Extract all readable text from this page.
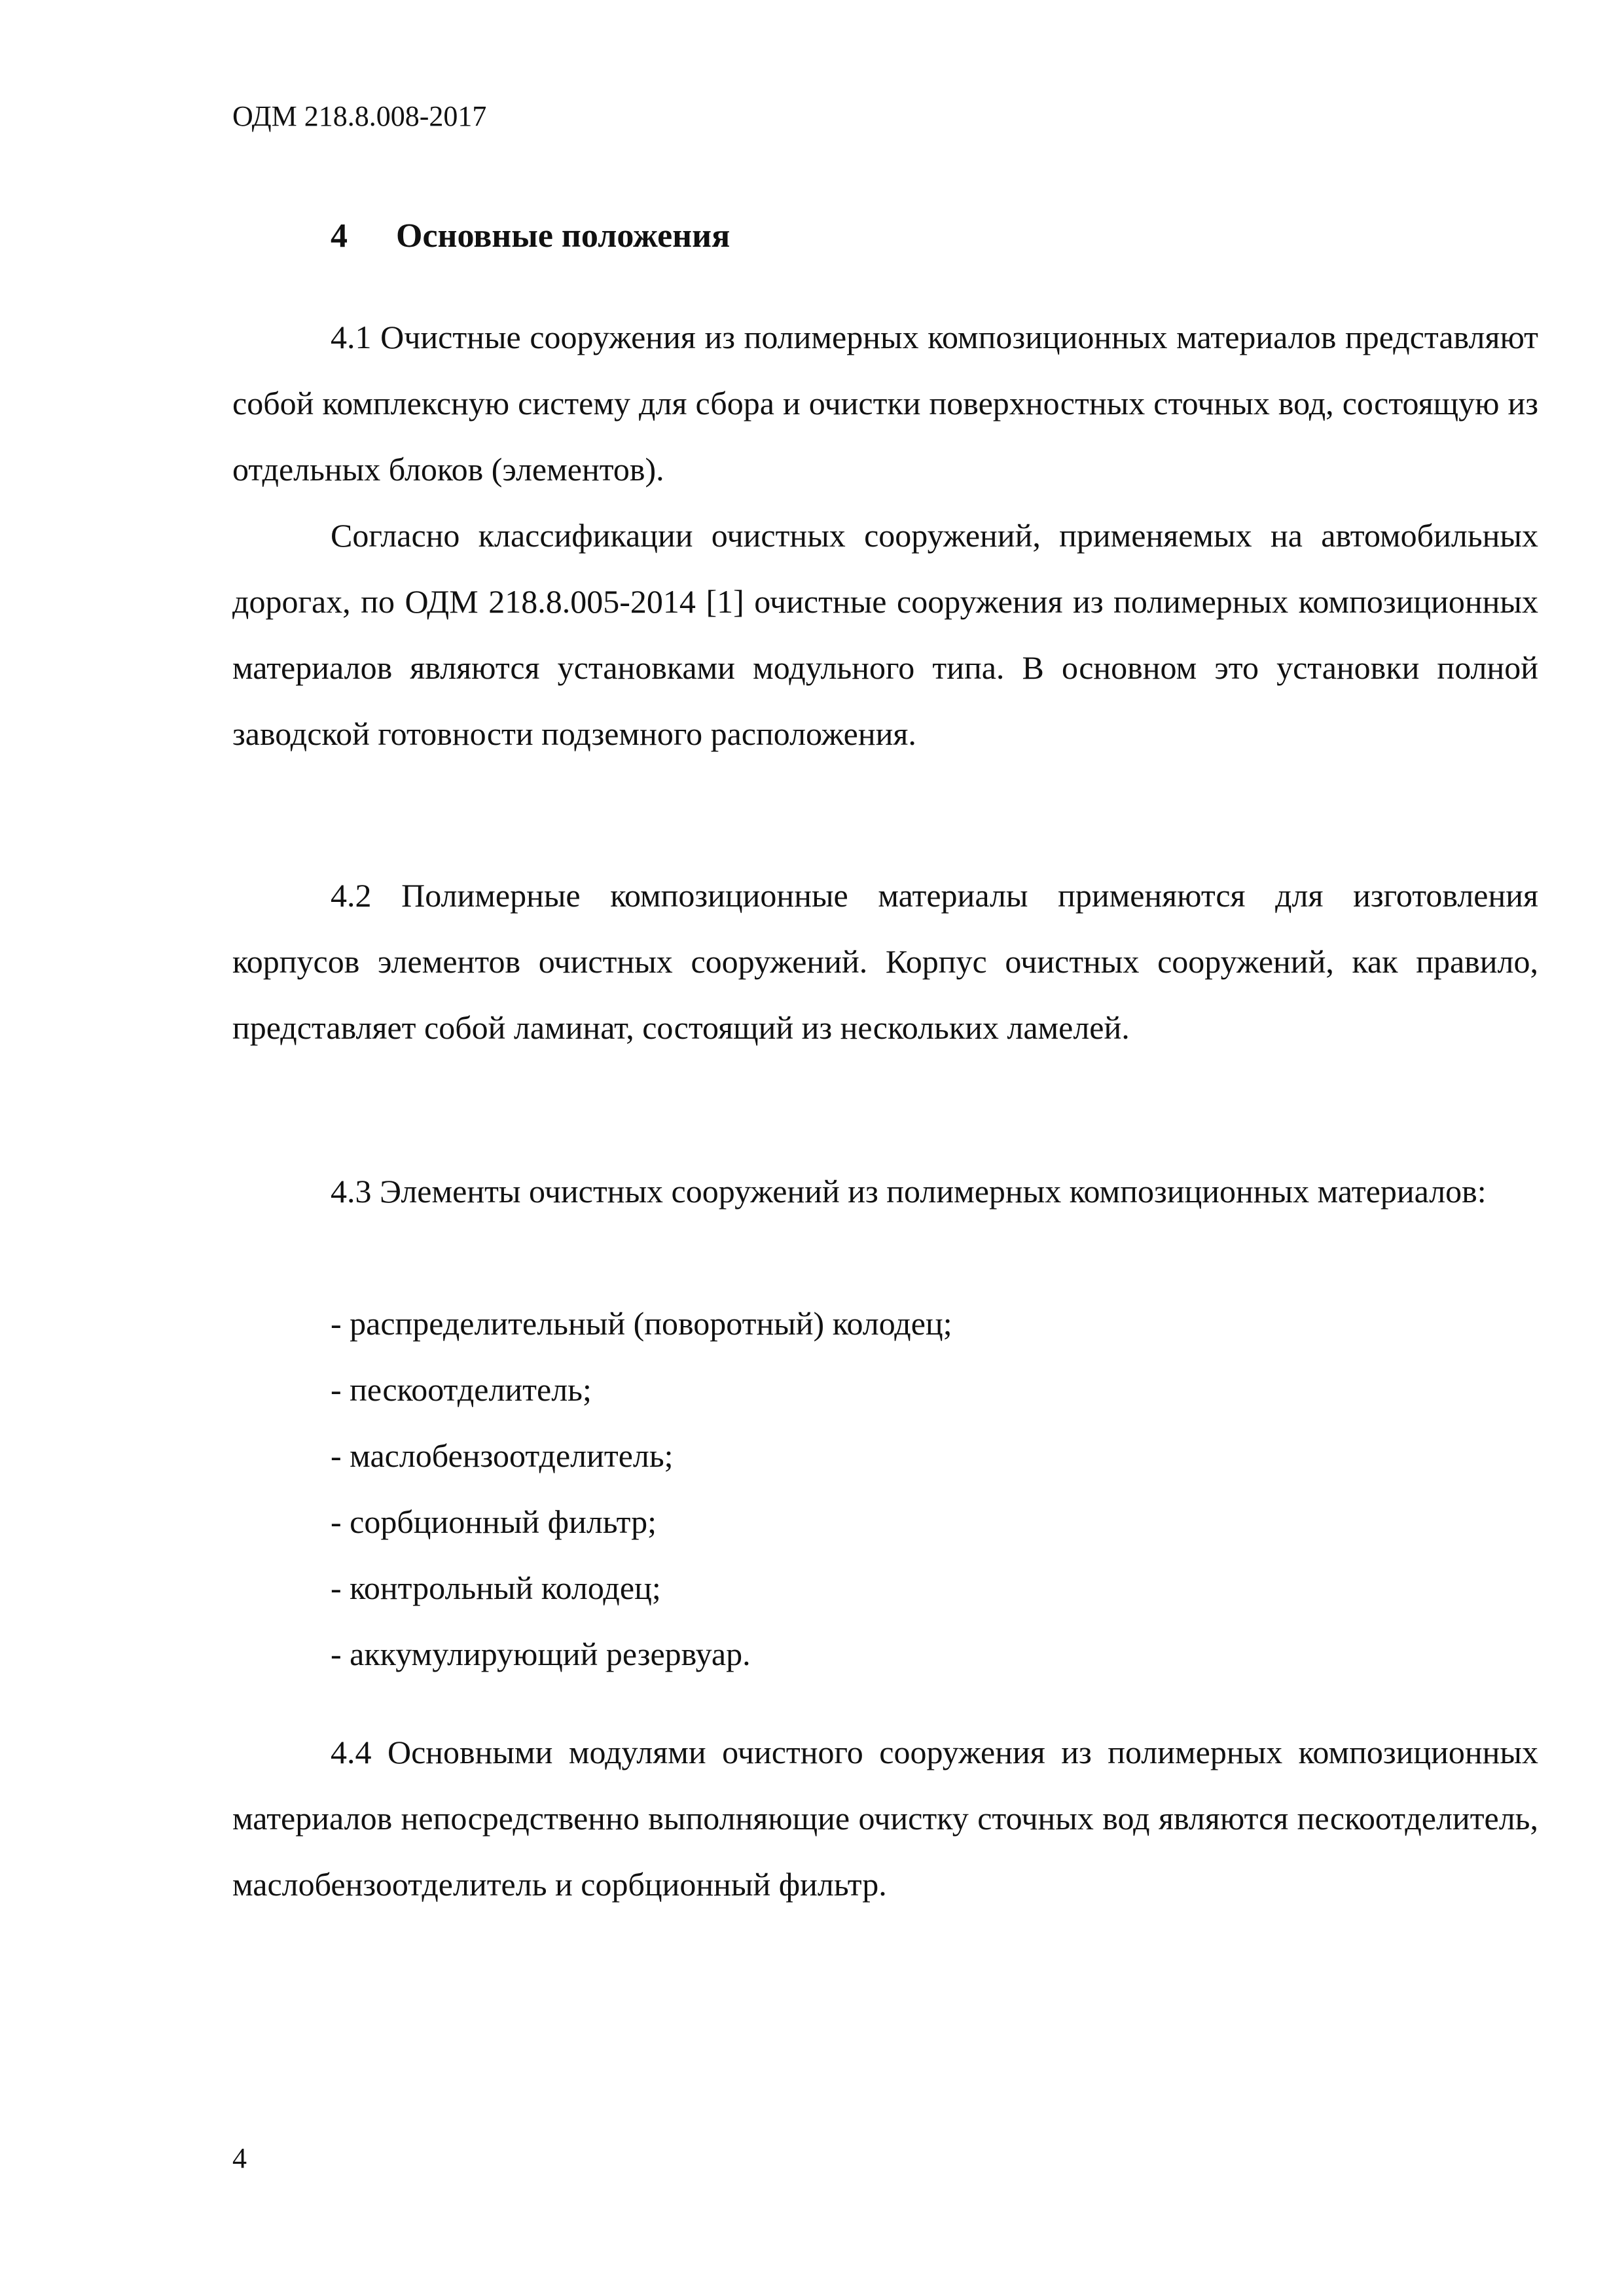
ОДМ 218.8.008-2017
4 Основные положения

4.1 Очистные сооружения из полимерных композиционных материалов представляют собой комплексную систему для сбора и очистки поверхностных сточных вод, состоящую из отдельных блоков (элементов).

Согласно классификации очистных сооружений, применяемых на автомобильных дорогах, по ОДМ 218.8.005-2014 [1] очистные сооружения из полимерных композиционных материалов являются установками модульного типа. В основном это установки полной заводской готовности подземного расположения.

4.2 Полимерные композиционные материалы применяются для изготовления корпусов элементов очистных сооружений. Корпус очистных сооружений, как правило, представляет собой ламинат, состоящий из нескольких ламелей.

4.3 Элементы очистных сооружений из полимерных композиционных материалов:

- распределительный (поворотный) колодец;
- пескоотделитель;
- маслобензоотделитель;
- сорбционный фильтр;
- контрольный колодец;
- аккумулирующий резервуар.

4.4 Основными модулями очистного сооружения из полимерных композиционных материалов непосредственно выполняющие очистку сточных вод являются пескоотделитель, маслобензоотделитель и сорбционный фильтр.

4
